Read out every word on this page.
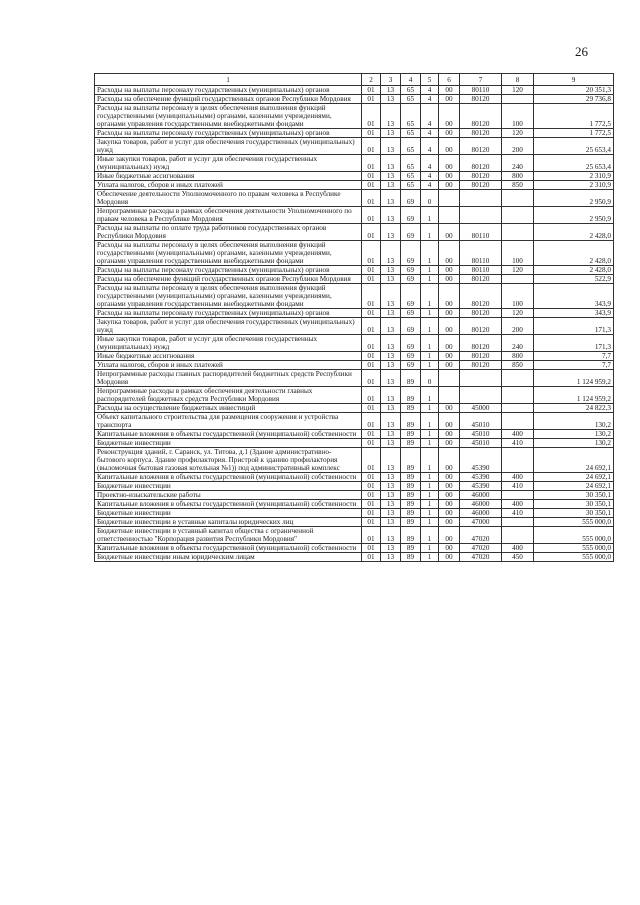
26
1	2	3	4	5	6	7	8	9
Расходы на выплаты персоналу государственных (муниципальных) органов	01	13	65	4	00	80110	120	20 351,3
Расходы на обеспечение функций государственных органов Республики Мордовия	01	13	65	4	00	80120		29 736,8
Расходы на выплаты персоналу в целях обеспечения выполнения функций государственными (муниципальными) органами, казенными учреждениями, органами управления государственными внебюджетными фондами	01	13	65	4	00	80120	100	1 772,5
Расходы на выплаты персоналу государственных (муниципальных) органов	01	13	65	4	00	80120	120	1 772,5
Закупка товаров, работ и услуг для обеспечения государственных (муниципальных) нужд	01	13	65	4	00	80120	200	25 653,4
Иные закупки товаров, работ и услуг для обеспечения государственных (муниципальных) нужд	01	13	65	4	00	80120	240	25 653,4
Иные бюджетные ассигнования	01	13	65	4	00	80120	800	2 310,9
Уплата налогов, сборов и иных платежей	01	13	65	4	00	80120	850	2 310,9
Обеспечение деятельности Уполномоченного по правам человека в Республике Мордовия	01	13	69	0				2 950,9
Непрограммные расходы в рамках обеспечения деятельности Уполномоченного по правам человека в Республике Мордовия	01	13	69	1				2 950,9
Расходы на выплаты по оплате труда работников государственных органов Республики Мордовия	01	13	69	1	00	80110		2 428,0
Расходы на выплаты персоналу в целях обеспечения выполнения функций государственными (муниципальными) органами, казенными учреждениями, органами управления государственными внебюджетными фондами	01	13	69	1	00	80110	100	2 428,0
Расходы на выплаты персоналу государственных (муниципальных) органов	01	13	69	1	00	80110	120	2 428,0
Расходы на обеспечение функций государственных органов Республики Мордовия	01	13	69	1	00	80120		522,9
Расходы на выплаты персоналу в целях обеспечения выполнения функций государственными (муниципальными) органами, казенными учреждениями, органами управления государственными внебюджетными фондами	01	13	69	1	00	80120	100	343,9
Расходы на выплаты персоналу государственных (муниципальных) органов	01	13	69	1	00	80120	120	343,9
Закупка товаров, работ и услуг для обеспечения государственных (муниципальных) нужд	01	13	69	1	00	80120	200	171,3
Иные закупки товаров, работ и услуг для обеспечения государственных (муниципальных) нужд	01	13	69	1	00	80120	240	171,3
Иные бюджетные ассигнования	01	13	69	1	00	80120	800	7,7
Уплата налогов, сборов и иных платежей	01	13	69	1	00	80120	850	7,7
Непрограммные расходы главных распорядителей бюджетных средств Республики Мордовия	01	13	89	0				1 124 959,2
Непрограммные расходы в рамках обеспечения деятельности главных распорядителей бюджетных средств Республики Мордовия	01	13	89	1				1 124 959,2
Расходы на осуществление бюджетных инвестиций	01	13	89	1	00	45000		24 822,3
Объект капитального строительства для размещения сооружения и устройства транспорта	01	13	89	1	00	45010		130,2
Капитальные вложения в объекты государственной (муниципальной) собственности	01	13	89	1	00	45010	400	130,2
Бюджетные инвестиции	01	13	89	1	00	45010	410	130,2
Реконструкция зданий, г. Саранск, ул. Титова, д.1 (Здание административно-бытового корпуса. Здание профилактория. Пристрой к зданию профилактория (выломочная бытовая газовая котельная №1)) под административный комплекс	01	13	89	1	00	45390		24 692,1
Капитальные вложения в объекты государственной (муниципальной) собственности	01	13	89	1	00	45390	400	24 692,1
Бюджетные инвестиции	01	13	89	1	00	45390	410	24 692,1
Проектно-изыскательские работы	01	13	89	1	00	46000		30 350,1
Капитальные вложения в объекты государственной (муниципальной) собственности	01	13	89	1	00	46000	400	30 350,1
Бюджетные инвестиции	01	13	89	1	00	46000	410	30 350,1
Бюджетные инвестиции в уставные капиталы юридических лиц	01	13	89	1	00	47000		555 000,0
Бюджетные инвестиции в уставный капитал общества с ограниченной ответственностью "Корпорация развития Республики Мордовия"	01	13	89	1	00	47020		555 000,0
Капитальные вложения в объекты государственной (муниципальной) собственности	01	13	89	1	00	47020	400	555 000,0
Бюджетные инвестиции иным юридическим лицам	01	13	89	1	00	47020	450	555 000,0
